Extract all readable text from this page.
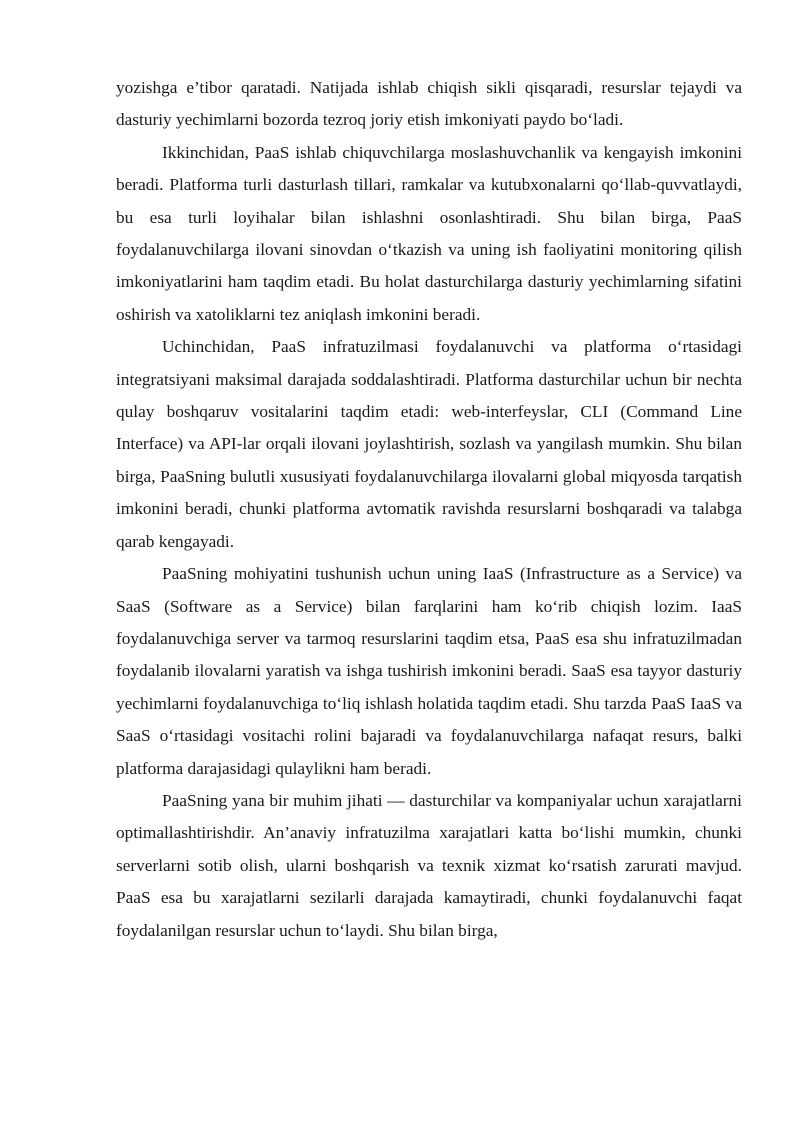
yozishga e’tibor qaratadi. Natijada ishlab chiqish sikli qisqaradi, resurslar tejaydi va dasturiy yechimlarni bozorda tezroq joriy etish imkoniyati paydo bo‘ladi.

Ikkinchidan, PaaS ishlab chiquvchilarga moslashuvchanlik va kengayish imkonini beradi. Platforma turli dasturlash tillari, ramkalar va kutubxonalarni qo‘llab-quvvatlaydi, bu esa turli loyihalar bilan ishlashni osonlashtiradi. Shu bilan birga, PaaS foydalanuvchilarga ilovani sinovdan o‘tkazish va uning ish faoliyatini monitoring qilish imkoniyatlarini ham taqdim etadi. Bu holat dasturchilarga dasturiy yechimlarning sifatini oshirish va xatoliklarni tez aniqlash imkonini beradi.

Uchinchidan, PaaS infratuzilmasi foydalanuvchi va platforma o‘rtasidagi integratsiyani maksimal darajada soddalashtiradi. Platforma dasturchilar uchun bir nechta qulay boshqaruv vositalarini taqdim etadi: web-interfeyslar, CLI (Command Line Interface) va API-lar orqali ilovani joylashtirish, sozlash va yangilash mumkin. Shu bilan birga, PaaSning bulutli xususiyati foydalanuvchilarga ilovalarni global miqyosda tarqatish imkonini beradi, chunki platforma avtomatik ravishda resurslarni boshqaradi va talabga qarab kengayadi.

PaaSning mohiyatini tushunish uchun uning IaaS (Infrastructure as a Service) va SaaS (Software as a Service) bilan farqlarini ham ko‘rib chiqish lozim. IaaS foydalanuvchiga server va tarmoq resurslarini taqdim etsa, PaaS esa shu infratuzilmadan foydalanib ilovalarni yaratish va ishga tushirish imkonini beradi. SaaS esa tayyor dasturiy yechimlarni foydalanuvchiga to‘liq ishlash holatida taqdim etadi. Shu tarzda PaaS IaaS va SaaS o‘rtasidagi vositachi rolini bajaradi va foydalanuvchilarga nafaqat resurs, balki platforma darajasidagi qulaylikni ham beradi.

PaaSning yana bir muhim jihati — dasturchilar va kompaniyalar uchun xarajatlarni optimallashtirishdir. An’anaviy infratuzilma xarajatlari katta bo‘lishi mumkin, chunki serverlarni sotib olish, ularni boshqarish va texnik xizmat ko‘rsatish zarurati mavjud. PaaS esa bu xarajatlarni sezilarli darajada kamaytiradi, chunki foydalanuvchi faqat foydalanilgan resurslar uchun to‘laydi. Shu bilan birga,
